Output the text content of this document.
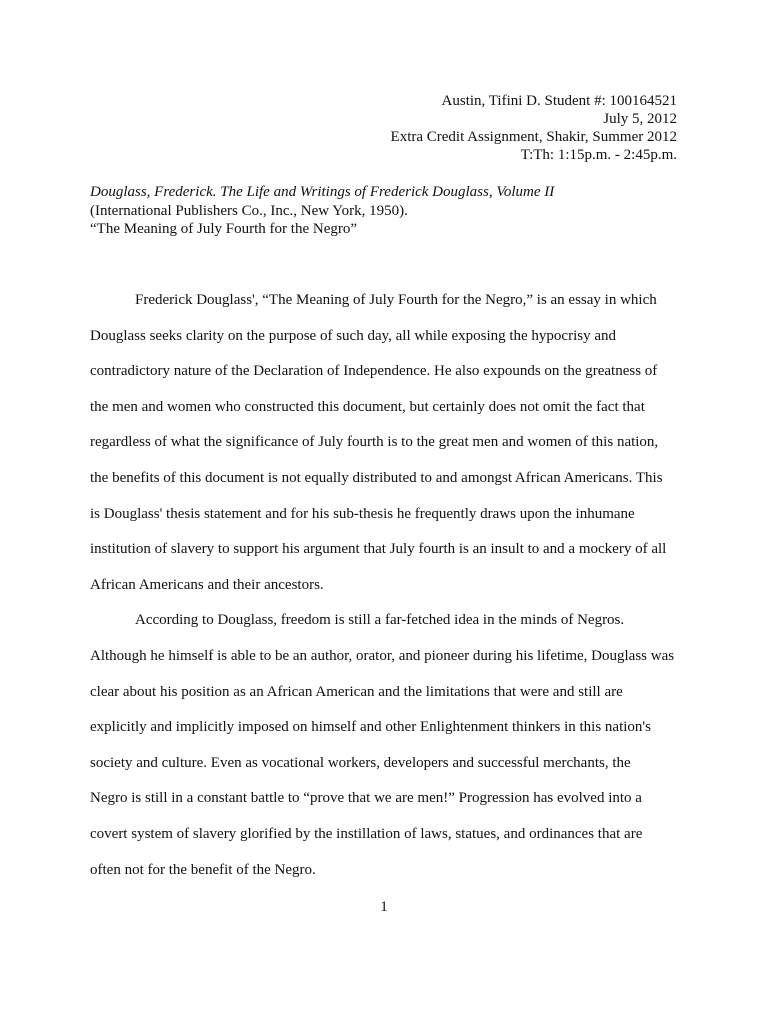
Austin, Tifini D. Student #: 100164521
July 5, 2012
Extra Credit Assignment, Shakir, Summer 2012
T:Th: 1:15p.m. - 2:45p.m.
Douglass, Frederick. The Life and Writings of Frederick Douglass, Volume II
(International Publishers Co., Inc., New York, 1950).
“The Meaning of July Fourth for the Negro”
Frederick Douglass', “The Meaning of July Fourth for the Negro,” is an essay in which
Douglass seeks clarity on the purpose of such day, all while exposing the hypocrisy and
contradictory nature of the Declaration of Independence. He also expounds on the greatness of
the men and women who constructed this document, but certainly does not omit the fact that
regardless of what the significance of July fourth is to the great men and women of this nation,
the benefits of this document is not equally distributed to and amongst African Americans. This
is Douglass' thesis statement and for his sub-thesis he frequently draws upon the inhumane
institution of slavery to support his argument that July fourth is an insult to and a mockery of all
African Americans and their ancestors.
According to Douglass, freedom is still a far-fetched idea in the minds of Negros.
Although he himself is able to be an author, orator, and pioneer during his lifetime, Douglass was
clear about his position as an African American and the limitations that were and still are
explicitly and implicitly imposed on himself and other Enlightenment thinkers in this nation's
society and culture. Even as vocational workers, developers and successful merchants, the
Negro is still in a constant battle to “prove that we are men!” Progression has evolved into a
covert system of slavery glorified by the instillation of laws, statues, and ordinances that are
often not for the benefit of the Negro.
1
